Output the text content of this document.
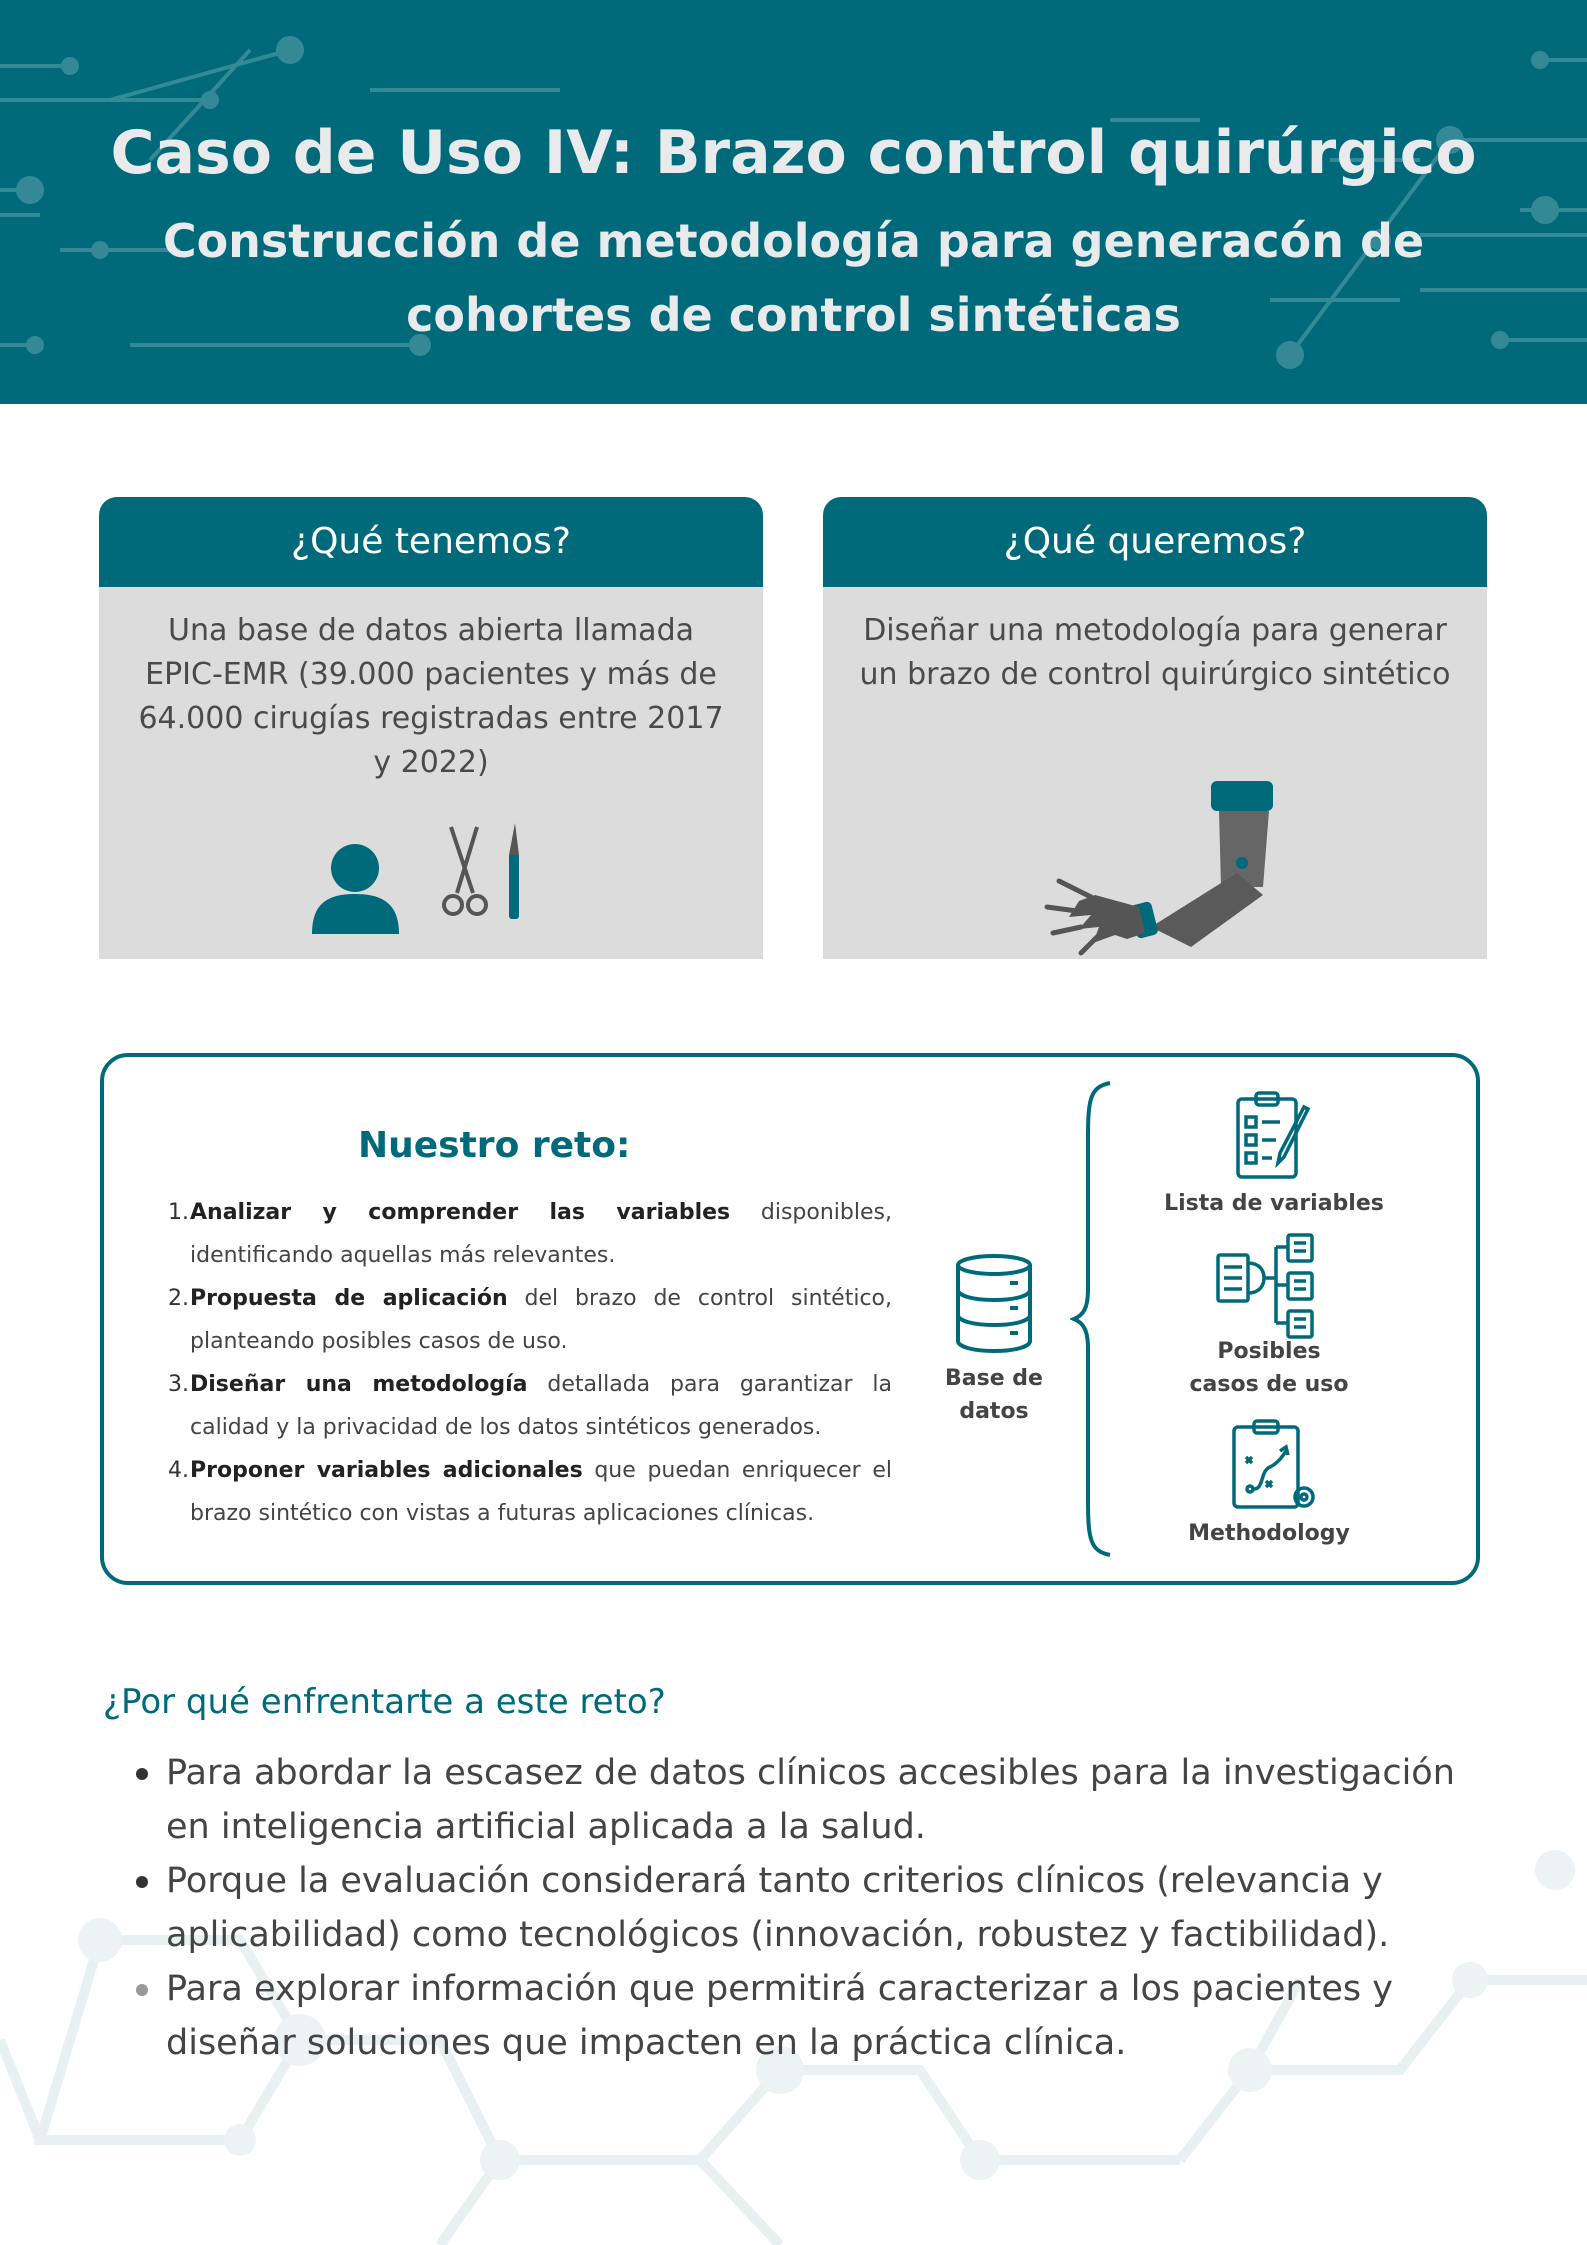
Caso de Uso IV: Brazo control quirúrgico
Construcción de metodología para generacón de
cohortes de control sintéticas
¿Qué tenemos?
Una base de datos abierta llamada EPIC-EMR (39.000 pacientes y más de 64.000 cirugías registradas entre 2017 y 2022)
¿Qué queremos?
Diseñar una metodología para generar un brazo de control quirúrgico sintético
Nuestro reto:
1. Analizar y comprender las variables disponibles, identificando aquellas más relevantes.
2. Propuesta de aplicación del brazo de control sintético, planteando posibles casos de uso.
3. Diseñar una metodología detallada para garantizar la calidad y la privacidad de los datos sintéticos generados.
4. Proponer variables adicionales que puedan enriquecer el brazo sintético con vistas a futuras aplicaciones clínicas.
Base de
datos
Lista de variables
Posibles
casos de uso
Methodology
¿Por qué enfrentarte a este reto?
Para abordar la escasez de datos clínicos accesibles para la investigación en inteligencia artificial aplicada a la salud.
Porque la evaluación considerará tanto criterios clínicos (relevancia y aplicabilidad) como tecnológicos (innovación, robustez y factibilidad).
Para explorar información que permitirá caracterizar a los pacientes y diseñar soluciones que impacten en la práctica clínica.
